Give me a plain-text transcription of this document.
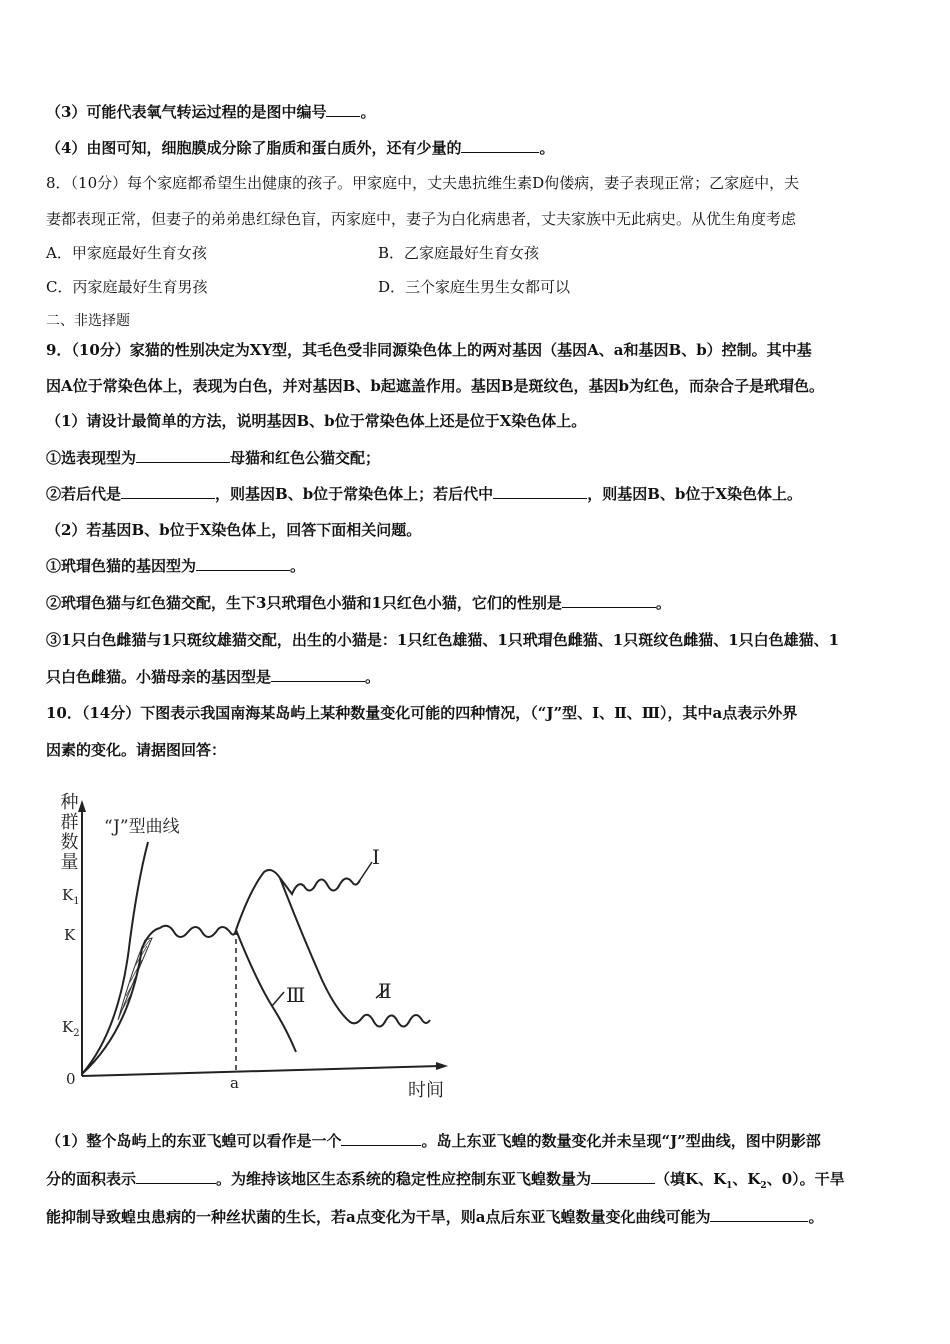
（3）可能代表氧气转运过程的是图中编号 。
（4）由图可知，细胞膜成分除了脂质和蛋白质外，还有少量的	。
8．（10分）每个家庭都希望生出健康的孩子。甲家庭中，丈夫患抗维生素D佝偻病，妻子表现正常；乙家庭中，夫
妻都表现正常，但妻子的弟弟患红绿色盲，丙家庭中，妻子为白化病患者，丈夫家族中无此病史。从优生角度考虑
A．甲家庭最好生育女孩	B．乙家庭最好生育女孩
C．丙家庭最好生育男孩	D．三个家庭生男生女都可以
二、非选择题
9．（10分）家猫的性别决定为XY型，其毛色受非同源染色体上的两对基因（基因A、a和基因B、b）控制。其中基
因A位于常染色体上，表现为白色，并对基因B、b起遮盖作用。基因B是斑纹色，基因b为红色，而杂合子是玳瑁色。
（1）请设计最简单的方法，说明基因B、b位于常染色体上还是位于X染色体上。
①选表现型为	母猫和红色公猫交配；
②若后代是	，则基因B、b位于常染色体上；若后代中	，则基因B、b位于X染色体上。
（2）若基因B、b位于X染色体上，回答下面相关问题。
①玳瑁色猫的基因型为	。
②玳瑁色猫与红色猫交配，生下3只玳瑁色小猫和1只红色小猫，它们的性别是	。
③1只白色雌猫与1只斑纹雄猫交配，出生的小猫是：1只红色雄猫、1只玳瑁色雌猫、1只斑纹色雌猫、1只白色雄猫、1
只白色雌猫。小猫母亲的基因型是	。
10．（14分）下图表示我国南海某岛屿上某种数量变化可能的四种情况，（“J”型、Ⅰ、Ⅱ、Ⅲ），其中a点表示外界
因素的变化。请据图回答：
种群数量
$K_1$
K
$K_2$
0	a	时间
“J”型曲线
Ⅰ
Ⅱ
Ⅲ
（1）整个岛屿上的东亚飞蝗可以看作是一个	。岛上东亚飞蝗的数量变化并未呈现“J”型曲线，图中阴影部
分的面积表示	。为维持该地区生态系统的稳定性应控制东亚飞蝗数量为	（填K、$K_1$、$K_2$、0）。干旱
能抑制导致蝗虫患病的一种丝状菌的生长，若a点变化为干旱，则a点后东亚飞蝗数量变化曲线可能为	。
